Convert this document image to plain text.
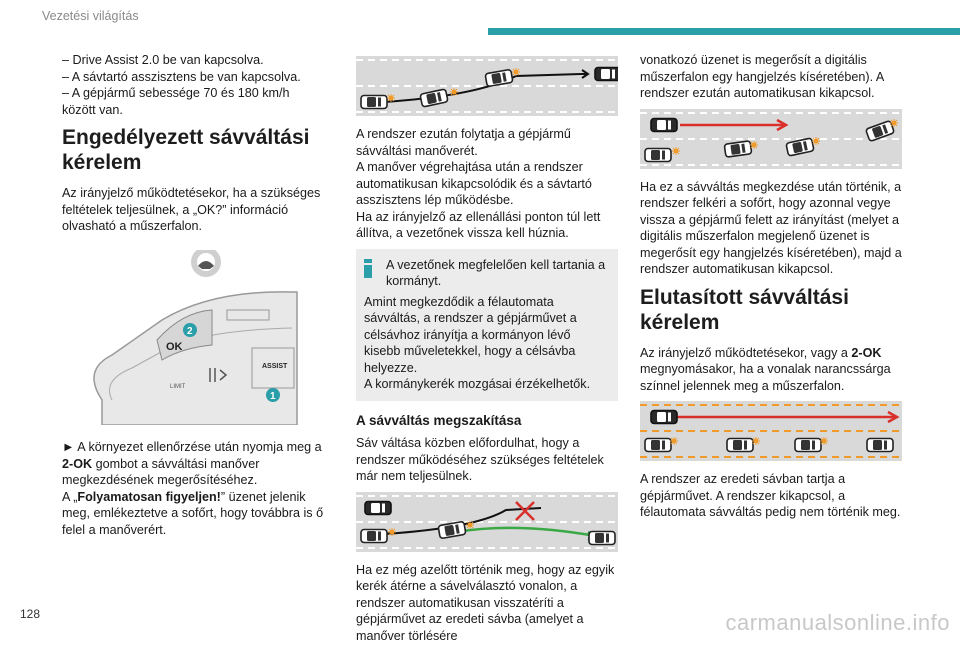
Vezetési világítás

– Drive Assist 2.0 be van kapcsolva.

– A sávtartó asszisztens be van kapcsolva.

– A gépjármű sebessége 70 és 180 km/h között van.

Engedélyezett sávváltási kérelem

Az irányjelző működtetésekor, ha a szükséges feltételek teljesülnek, a „OK?” információ olvasható a műszerfalon.

OK
2
ASSIST
LIMIT
1

► A környezet ellenőrzése után nyomja meg a 2-OK gombot a sávváltási manőver megkezdésének megerősítéséhez.
A „Folyamatosan figyeljen!” üzenet jelenik meg, emlékeztetve a sofőrt, hogy továbbra is ő felel a manőverért.

A rendszer ezután folytatja a gépjármű sávváltási manőverét.

A manőver végrehajtása után a rendszer automatikusan kikapcsolódik és a sávtartó asszisztens lép működésbe.

Ha az irányjelző az ellenállási ponton túl lett állítva, a vezetőnek vissza kell húznia.

A vezetőnek megfelelően kell tartania a kormányt.
Amint megkezdődik a félautomata sávváltás, a rendszer a gépjárművet a célsávhoz irányítja a kormányon lévő kisebb műveletekkel, hogy a célsávba helyezze.
A kormánykerék mozgásai érzékelhetők.
A sávváltás megszakítása

Sáv váltása közben előfordulhat, hogy a rendszer működéséhez szükséges feltételek már nem teljesülnek.

Ha ez még azelőtt történik meg, hogy az egyik kerék átérne a sávelválasztó vonalon, a rendszer automatikusan visszatéríti a gépjárművet az eredeti sávba (amelyet a manőver törlésére

vonatkozó üzenet is megerősít a digitális műszerfalon egy hangjelzés kíséretében). A rendszer ezután automatikusan kikapcsol.

Ha ez a sávváltás megkezdése után történik, a rendszer felkéri a sofőrt, hogy azonnal vegye vissza a gépjármű felett az irányítást (melyet a digitális műszerfalon megjelenő üzenet is megerősít egy hangjelzés kíséretében), majd a rendszer automatikusan kikapcsol.

Elutasított sávváltási kérelem

Az irányjelző működtetésekor, vagy a 2-OK megnyomásakor, ha a vonalak narancssárga színnel jelennek meg a műszerfalon.

A rendszer az eredeti sávban tartja a gépjárművet. A rendszer kikapcsol, a félautomata sávváltás pedig nem történik meg.

128	carmanualsonline.info
